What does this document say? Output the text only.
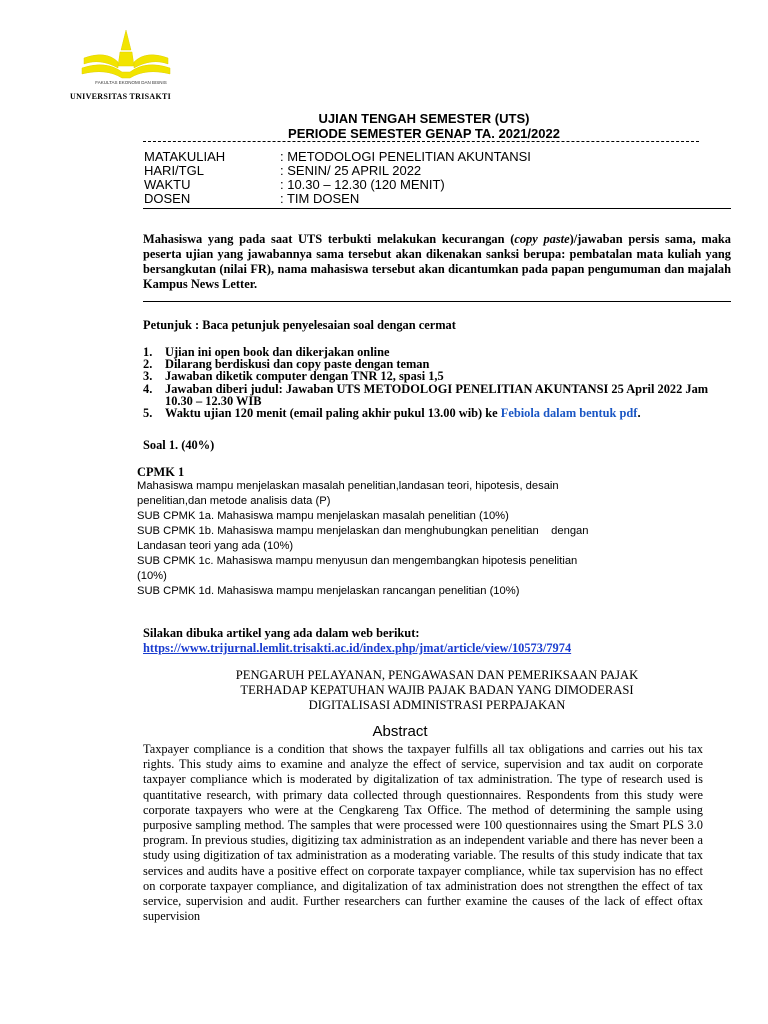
FAKULTAS EKONOMI DAN BISNIS
UNIVERSITAS TRISAKTI
UJIAN TENGAH SEMESTER (UTS)
PERIODE SEMESTER GENAP TA. 2021/2022
MATAKULIAH	: METODOLOGI PENELITIAN AKUNTANSI
HARI/TGL	: SENIN/ 25 APRIL 2022
WAKTU	: 10.30 – 12.30 (120 MENIT)
DOSEN	: TIM DOSEN
Mahasiswa yang pada saat UTS terbukti melakukan kecurangan (copy paste)/jawaban persis sama, maka peserta ujian yang jawabannya sama tersebut akan dikenakan sanksi berupa: pembatalan mata kuliah yang bersangkutan (nilai FR), nama mahasiswa tersebut akan dicantumkan pada papan pengumuman dan majalah Kampus News Letter.
Petunjuk : Baca petunjuk penyelesaian soal dengan cermat
1.	Ujian ini open book dan dikerjakan online
2.	Dilarang berdiskusi dan copy paste dengan teman
3.	Jawaban diketik computer dengan TNR 12, spasi 1,5
4.	Jawaban diberi judul: Jawaban UTS METODOLOGI PENELITIAN AKUNTANSI 25 April 2022 Jam 10.30 – 12.30 WIB
5.	Waktu ujian 120 menit (email paling akhir pukul 13.00 wib) ke Febiola dalam bentuk pdf.
Soal 1. (40%)
CPMK 1
Mahasiswa mampu menjelaskan masalah penelitian,landasan teori, hipotesis, desain
penelitian,dan metode analisis data (P)
SUB CPMK 1a. Mahasiswa mampu menjelaskan masalah penelitian (10%)
SUB CPMK 1b. Mahasiswa mampu menjelaskan dan menghubungkan penelitian    dengan
Landasan teori yang ada (10%)
SUB CPMK 1c. Mahasiswa mampu menyusun dan mengembangkan hipotesis penelitian
(10%)
SUB CPMK 1d. Mahasiswa mampu menjelaskan rancangan penelitian (10%)
Silakan dibuka artikel yang ada dalam web berikut:
https://www.trijurnal.lemlit.trisakti.ac.id/index.php/jmat/article/view/10573/7974
PENGARUH PELAYANAN, PENGAWASAN DAN PEMERIKSAAN PAJAK
TERHADAP KEPATUHAN WAJIB PAJAK BADAN YANG DIMODERASI
DIGITALISASI ADMINISTRASI PERPAJAKAN
Abstract
Taxpayer compliance is a condition that shows the taxpayer fulfills all tax obligations and carries out his tax rights. This study aims to examine and analyze the effect of service, supervision and tax audit on corporate taxpayer compliance which is moderated by digitalization of tax administration. The type of research used is quantitative research, with primary data collected through questionnaires. Respondents from this study were corporate taxpayers who were at the Cengkareng Tax Office. The method of determining the sample using purposive sampling method. The samples that were processed were 100 questionnaires using the Smart PLS 3.0 program. In previous studies, digitizing tax administration as an independent variable and there has never been a study using digitization of tax administration as a moderating variable. The results of this study indicate that tax services and audits have a positive effect on corporate taxpayer compliance, while tax supervision has no effect on corporate taxpayer compliance, and digitalization of tax administration does not strengthen the effect of tax service, supervision and audit. Further researchers can further examine the causes of the lack of effect oftax supervision
